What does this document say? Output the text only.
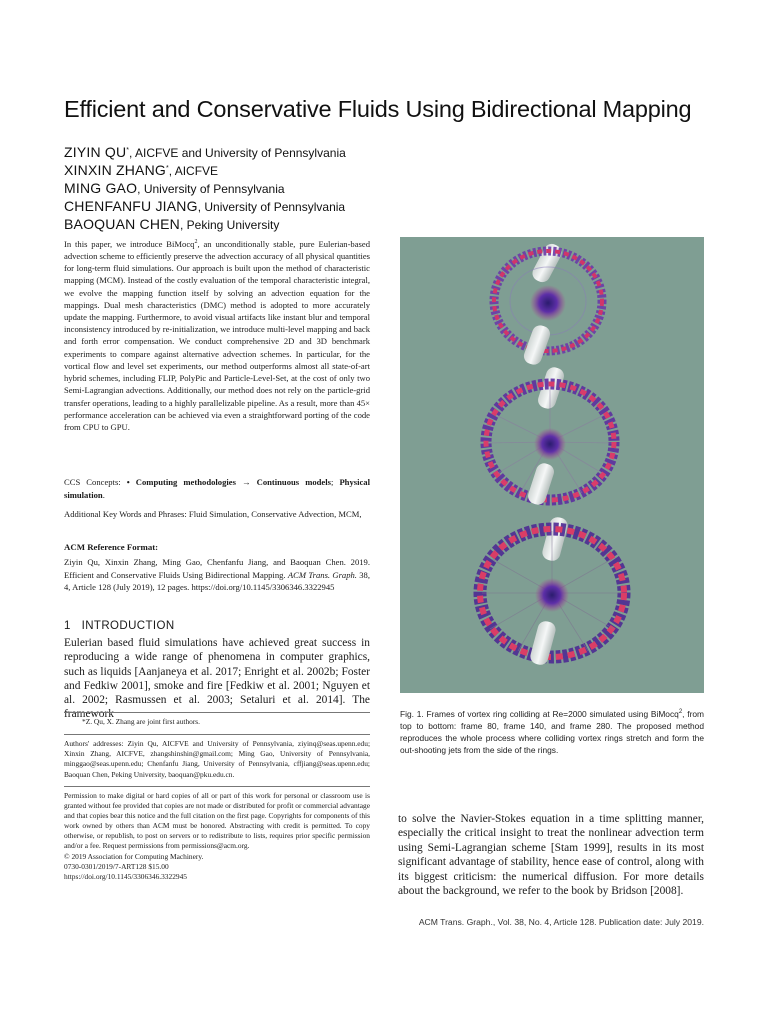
Efficient and Conservative Fluids Using Bidirectional Mapping
ZIYIN QU*, AICFVE and University of Pennsylvania
XINXIN ZHANG*, AICFVE
MING GAO, University of Pennsylvania
CHENFANFU JIANG, University of Pennsylvania
BAOQUAN CHEN, Peking University
In this paper, we introduce BiMocq$^2$, an unconditionally stable, pure Eulerian-based advection scheme to efficiently preserve the advection accuracy of all physical quantities for long-term fluid simulations. Our approach is built upon the method of characteristic mapping (MCM). Instead of the costly evaluation of the temporal characteristic integral, we evolve the mapping function itself by solving an advection equation for the mappings. Dual mesh characteristics (DMC) method is adopted to more accurately update the mapping. Furthermore, to avoid visual artifacts like instant blur and temporal inconsistency introduced by re-initialization, we introduce multi-level mapping and back and forth error compensation. We conduct comprehensive 2D and 3D benchmark experiments to compare against alternative advection schemes. In particular, for the vortical flow and level set experiments, our method outperforms almost all state-of-art hybrid schemes, including FLIP, PolyPic and Particle-Level-Set, at the cost of only two Semi-Lagrangian advections. Additionally, our method does not rely on the particle-grid transfer operations, leading to a highly parallelizable pipeline. As a result, more than 45× performance acceleration can be achieved via even a straightforward porting of the code from CPU to GPU.
CCS Concepts: • Computing methodologies → Continuous models; Physical simulation.
Additional Key Words and Phrases: Fluid Simulation, Conservative Advection, MCM,
ACM Reference Format:
Ziyin Qu, Xinxin Zhang, Ming Gao, Chenfanfu Jiang, and Baoquan Chen. 2019. Efficient and Conservative Fluids Using Bidirectional Mapping. ACM Trans. Graph. 38, 4, Article 128 (July 2019), 12 pages. https://doi.org/10.1145/3306346.3322945
1 INTRODUCTION
Eulerian based fluid simulations have achieved great success in reproducing a wide range of phenomena in computer graphics, such as liquids [Aanjaneya et al. 2017; Enright et al. 2002b; Foster and Fedkiw 2001], smoke and fire [Fedkiw et al. 2001; Nguyen et al. 2002; Rasmussen et al. 2003; Setaluri et al. 2014]. The framework
*Z. Qu, X. Zhang are joint first authors.
Authors' addresses: Ziyin Qu, AICFVE and University of Pennsylvania, ziyinq@seas.upenn.edu; Xinxin Zhang, AICFVE, zhangshinshin@gmail.com; Ming Gao, University of Pennsylvania, minggao@seas.upenn.edu; Chenfanfu Jiang, University of Pennsylvania, cffjiang@seas.upenn.edu; Baoquan Chen, Peking University, baoquan@pku.edu.cn.

Permission to make digital or hard copies of all or part of this work for personal or classroom use is granted without fee provided that copies are not made or distributed for profit or commercial advantage and that copies bear this notice and the full citation on the first page. Copyrights for components of this work owned by others than ACM must be honored. Abstracting with credit is permitted. To copy otherwise, or republish, to post on servers or to redistribute to lists, requires prior specific permission and/or a fee. Request permissions from permissions@acm.org.

© 2019 Association for Computing Machinery.

0730-0301/2019/7-ART128 $15.00

https://doi.org/10.1145/3306346.3322945

Fig. 1. Frames of vortex ring colliding at Re=2000 simulated using BiMocq$^2$, from top to bottom: frame 80, frame 140, and frame 280. The proposed method reproduces the whole process where colliding vortex rings stretch and form the out-shooting jets from the side of the rings.
to solve the Navier-Stokes equation in a time splitting manner, especially the critical insight to treat the nonlinear advection term using Semi-Lagrangian scheme [Stam 1999], results in its most significant advantage of stability, hence ease of control, along with its biggest criticism: the numerical diffusion. For more details about the background, we refer to the book by Bridson [2008].
ACM Trans. Graph., Vol. 38, No. 4, Article 128. Publication date: July 2019.
